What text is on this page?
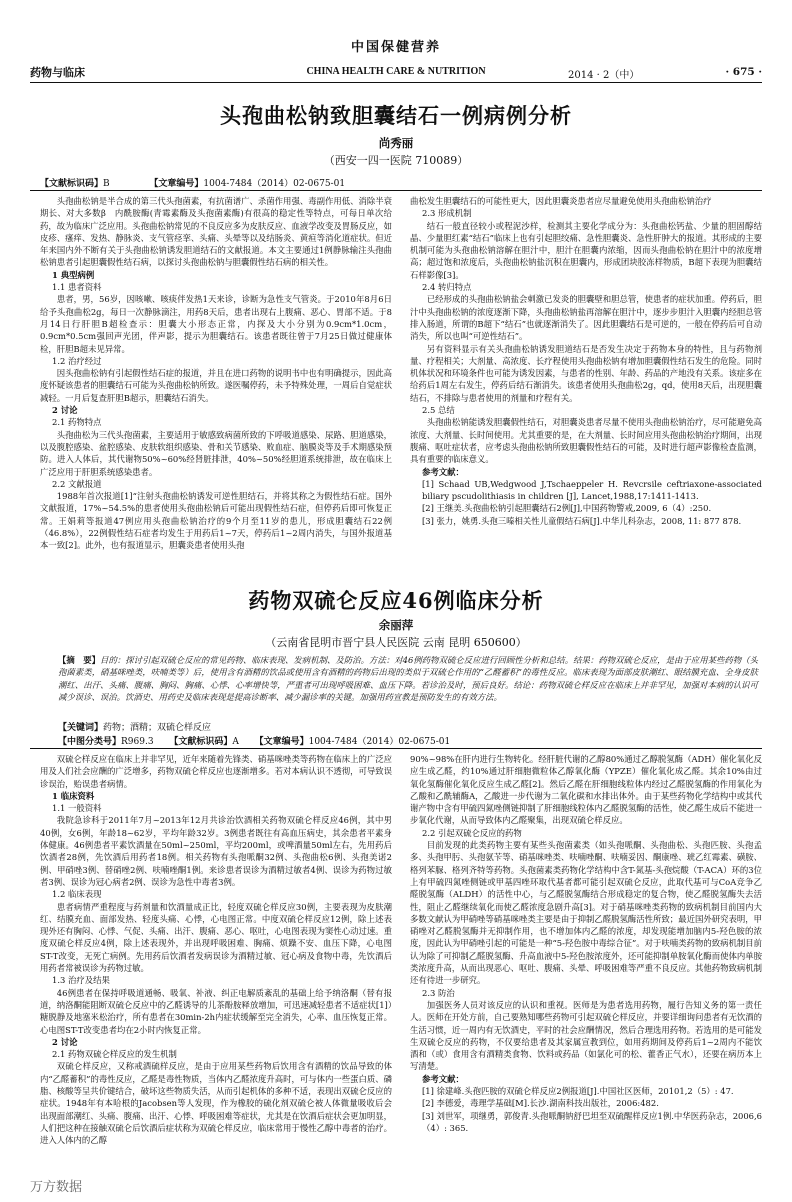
中国保健营养
药物与临床	CHINA HEALTH CARE & NUTRITION	2014 · 2（中）	· 675 ·
头孢曲松钠致胆囊结石一例病例分析
尚秀丽
（西安一四一医院 710089）
【文献标识码】B	【文章编号】1004-7484（2014）02-0675-01

头孢曲松钠是半合成的第三代头孢菌素，有抗菌谱广、杀菌作用强、毒副作用低、消除半衰期长、对大多数β　内酰胺酶(青霉素酶及头孢菌素酶)有很高的稳定性等特点，可每日单次给药，故为临床广泛应用。头孢曲松钠常见的不良反应多为皮肤反应、血液学改变及胃肠反应，如皮疹、瘙痒、发热、静脉炎、支气管痉挛、头痛、头晕等以及结肠炎、黄疸等消化道症状。但近年来国内外不断有关于头孢曲松钠诱发胆道结石的文献报道。本文主要通过1例静脉输注头孢曲松钠患者引起胆囊假性结石病，以探讨头孢曲松钠与胆囊假性结石病的相关性。

1 典型病例

1.1 患者资料

患者，男，56岁，因咳嗽、咳痰伴发热1天来诊，诊断为急性支气管炎。于2010年8月6日给予头孢曲松2g，每日一次静脉滴注，用药8天后，患者出现右上腹痛、恶心、胃部不适。于8月14日行肝胆B超检查示：胆囊大小形态正常，内探及大小分别为0.9cm*1.0cm，0.9cm*0.5cm强回声光团，伴声影，提示为胆囊结石。该患者既往曾于7月25日做过健康体检，肝胆B超未见异常。

1.2 治疗经过

因头孢曲松钠有引起假性结石症的报道，并且在进口药物的说明书中也有明确提示，因此高度怀疑该患者的胆囊结石可能为头孢曲松钠所致。遂医嘱停药，未予特殊处理，一周后自觉症状减轻。一月后复查肝胆B超示，胆囊结石消失。

2 讨论

2.1 药物特点

头孢曲松为三代头孢菌素，主要适用于敏感致病菌所致的下呼吸道感染、尿路、胆道感染，以及腹腔感染、盆腔感染、皮肤软组织感染、骨和关节感染、败血症、脑膜炎等及手术期感染预防。进入人体后，其代谢物50%~60%经肾脏排泄，40%~50%经胆道系统排泄，故在临床上广泛应用于肝胆系统感染患者。

2.2 文献报道

1988年首次报道[1]“注射头孢曲松钠诱发可逆性胆结石，并将其称之为假性结石症。国外文献报道，17%~54.5%的患者使用头孢曲松钠后可能出现假性结石症，但停药后即可恢复正常。王娟莉等报道47例应用头孢曲松钠治疗的9个月至11岁的患儿，形成胆囊结石22例（46.8%），22例假性结石症者均发生于用药后1~7天，停药后1~2周内消失，与国外报道基本一致[2]。此外，也有报道显示，胆囊炎患者使用头孢

曲松发生胆囊结石的可能性更大，因此胆囊炎患者应尽量避免使用头孢曲松钠治疗

2.3 形成机制

结石一般直径较小或程泥沙样，检测其主要化学成分为：头孢曲松钙盐、少量的胆固醇结晶、少量胆红素“结石”临床上也有引起胆绞痛、急性胆囊炎、急性肝肿大的报道。其形成的主要机制可能为头孢曲松钠溶解在胆汁中，胆汁在胆囊内浓缩，因而头孢曲松钠在胆汁中的浓度增高；超过饱和浓度后，头孢曲松钠盐沉积在胆囊内，形成团块胶冻样物质，B超下表现为胆囊结石样影像[3]。

2.4 转归特点

已经形成的头孢曲松钠盐会刺激已发炎的胆囊壁和胆总管，使患者的症状加重。停药后，胆汁中头孢曲松钠的浓度逐渐下降，头孢曲松钠盐再溶解在胆汁中，逐步步胆汁入胆囊内经胆总管排入肠道，所谓的B超下“结石”也就逐渐消失了。因此胆囊结石是可逆的，一般在停药后可自动消失，所以也叫“可逆性结石”。

另有资料显示有关头孢曲松钠诱发胆道结石是否发生决定于药物本身的特性，且与药物剂量、疗程相关；大剂量、高浓度、长疗程使用头孢曲松钠有增加胆囊假性结石发生的危险。同时机体状况和环境条件也可能为诱发因素，与患者的性别、年龄、药品的产地没有关系。该症多在给药后1周左右发生，停药后结石渐消失。该患者使用头孢曲松2g，qd，使用8天后，出现胆囊结石，不排除与患者使用的剂量和疗程有关。

2.5 总结

头孢曲松钠能诱发胆囊假性结石，对胆囊炎患者尽量不使用头孢曲松钠治疗，尽可能避免高浓度、大剂量、长时间使用。尤其重要的是，在大剂量、长时间应用头孢曲松钠治疗期间，出现腹痛、呕吐症状者，应考虑头孢曲松钠所致胆囊假性结石的可能，及时进行超声影像检查监测，具有重要的临床意义。

参考文献：

[1] Schaad UB,Wedgwood J,Tschaeppeler H. Revcrsile ceftriaxone-associated biliary pscudolithiasis in children [J], Lancet,1988,17:1411-1413.

[2] 王继美.头孢曲松钠引起胆囊结石2例[J],中国药物警戒,2009, 6（4）:250.

[3] 张力，姚勇.头孢三嗪相关性儿童假结石病[J].中华儿科杂志，2008, 11: 877 878.

药物双硫仑反应46例临床分析
余丽萍
（云南省昆明市晋宁县人民医院 云南 昆明 650600）
【摘　要】目的：探讨引起双硫仑反应的常见药物、临床表现、发病机制、及防治。方法：对46例药物双硫仑反应进行回顾性分析和总结。结果：药物双硫仑反应，是由于应用某些药物（头孢菌素类，硝基咪唑类，呋喃类等）后，使用含有酒精的饮品或使用含有酒精的药物后出现的类似于双硫仑作用的“乙醛蓄积”的毒性反应。临床表现为面部皮肤潮红、眼结膜充血、全身皮肤潮红、出汗、头痛、腹痛、胸闷、胸痛、心悸、心率增快等，严重者可出现呼吸困难、血压下降。若诊治及时，预后良好。结论：药物双硫仑样反应在临床上并非罕见，加强对本病的认识可减少误诊、误治。饮酒史、用药史及临床表现是提高诊断率、减少漏诊率的关键。加强用药宣教是预防发生的有效方法。
【关键词】药物；酒精；双硫仑样反应
【中图分类号】R969.3 【文献标识码】A 【文章编号】1004-7484（2014）02-0675-01

双硫仑样反应在临床上并非罕见，近年来随着先锋类、硝基咪唑类等药物在临床上的广泛应用及人们社会应酬的广泛增多，药物双硫仑样反应也逐渐增多。若对本病认识不透彻，可导致误诊误治，贻误患者病情。

1 临床资料

1.1 一般资料

我院急诊科于2011年7月~2013年12月共诊治饮酒相关药物双硫仑样反应46例，其中男40例，女6例，年龄18~62岁，平均年龄32岁。3例患者既往有高血压病史，其余患者平素身体健康。46例患者平素饮酒量在50ml~250ml，平均200ml，或啤酒量50ml左右，先用药后饮酒者28例，先饮酒后用药者18例。相关药物有头孢哌酮32例、头孢曲松6例、头孢美诺2例、甲硝唑3例、替硝唑2例、呋喃唑酮1例。来诊患者误诊为酒精过敏者4例、误诊为药物过敏者3例、误诊为冠心病者2例、误诊为急性中毒者3例。

1.2 临床表现

患者病情严重程度与药剂量和饮酒量成正比，轻度双硫仑样反应30例，主要表现为皮肤潮红、结膜充血、面部发热、轻度头痛、心悸，心电图正常。中度双硫仑样反应12例，除上述表现外还有胸闷、心悸、气促、头痛、出汗、腹痛、恶心、呕吐，心电图表现为窦性心动过速。重度双硫仑样反应4例，除上述表现外，并出现呼吸困难、胸痛、烦躁不安、血压下降，心电图ST-T改变，无死亡病例。先用药后饮酒者发病误诊为酒精过敏、冠心病及食物中毒，先饮酒后用药者常被误诊为药物过敏。

1.3 治疗及结果

46例患者在保持呼吸道通畅、吸氧、补液、纠正电解质紊乱的基础上给予纳洛酮（替有报道，纳洛酮能阻断双硫仑反应中的乙醛诱导的儿茶酚胺释放增加，可迅速减轻患者不适症状[1]）糖脱静及地塞米松治疗，所有患者在30min-2h内症状缓解至完全消失，心率、血压恢复正常。心电图ST-T改变患者均在2小时内恢复正常。

2 讨论

2.1 药物双硫仑样反应的发生机制

双硫仑样反应，又称戒酒硫样反应，是由于应用某些药物后饮用含有酒精的饮品导致的体内“乙醛蓄积”的毒性反应，乙醛是毒性物质，当体内乙醛浓度升高时，可与体内一些蛋白质、磷脂、核酸等呈共价键结合，破坏这些物质失活，从而引起机体的多种不适，表现出双硫仑反应的症状。1948年有本哈根的Jacobsen等人发现，作为橡胶的硫化剂双硫仑被人体微量吸收后会出现面部潮红、头痛、腹痛、出汗、心悸、呼吸困难等症状，尤其是在饮酒后症状会更加明显，人们把这种在接触双硫仑后饮酒后症状称为双硫仑样反应，临床常用于慢性乙醇中毒者的治疗。进入人体内的乙醇

90%~98%在肝内进行生物转化。经肝脏代谢的乙醇80%通过乙醇脱氢酶（ADH）催化氧化反应生成乙醛，约10%通过肝细胞微粒体乙醇氧化酶（YPZE）催化氧化成乙醛。其余10%由过氧化氢酶催化氧化反应生成乙醛[2]。然后乙醛在肝细胞线粒体内经过乙醛脱氢酶的作用氧化为乙酸和乙酰辅酶A，乙酸进一步代谢为二氧化碳和水排出体外。由于某些药物化学结构中或其代谢产物中含有甲硫四氮唑侧链抑制了肝细胞线粒体内乙醛脱氢酶的活性，使乙醛生成后不能进一步氧化代谢，从而导致体内乙醛聚集，出现双硫仑样反应。

2.2 引起双硫仑反应的药物

目前发现的此类药物主要有某些头孢菌素类（如头孢哌酮、头孢曲松、头孢匹胺、头孢孟多、头孢甲肟、头孢氨苄等、硝基咪唑类、呋喃唑酮、呋喃妥因、酮康唑、琥乙红霉素、磺胺、格列苯脲、格列齐特等药物。头孢菌素类药物化学结构中含T-氮基-头孢烷酸（T-ACA）环的3位上有甲硫四氮唑侧链或甲基四唑环取代基者都可能引起双硫仑反应，此取代基可与CoA竞争乙醛脱氢酶（ALDH）的活性中心，与乙醛脱氢酶结合形成稳定的复合物，使乙醛脱氢酶失去活性，阻止乙醛继续氧化而使乙醛浓度急剧升高[3]。对于硝基咪唑类药物的致病机制目前国内大多数文献认为甲硝唑等硝基咪唑类主要是由于抑制乙醛脱氢酶活性所致；最近国外研究表明，甲硝唑对乙醛脱氢酶并无抑制作用，也不增加体内乙醛的浓度，却发现能增加脑内5-羟色胺的浓度，因此认为甲硝唑引起的可能是一种“5-羟色胺中毒综合征”。对于呋喃类药物的致病机制目前认为除了可抑制乙醛脱氢酶、升高血液中5-羟色胺浓度外，还可能抑制单胺氧化酶而使体内单胺类浓度升高，从而出现恶心、呕吐、腹痛、头晕、呼吸困难等严重不良反应。其他药物致病机制还有待进一步研究。

2.3 防治

加强医务人员对该反应的认识和重视。医师是为患者选用药物，履行告知义务的第一责任人。医师在开处方前，自己要熟知哪些药物可引起双硫仑样反应，并要详细询问患者有无饮酒的生活习惯，近一周内有无饮酒史，平时的社会应酬情况，然后合理选用药物。若选用的是可能发生双硫仑反应的药物，不仅要给患者及其家属宣教到位，如用药期间及停药后1~2周内不能饮酒和（或）食用含有酒精类食物、饮料或药品（如氯化可的松、藿香正气水），还要在病历本上写清楚。

参考文献：

[1] 徐建峰.头孢匹胺的双硫仑样反应2例报道[J].中国社区医师，20101,2（5）: 47.

[2] 李德爱，毒理学基础[M].长沙.湖南科技出版社，2006:482.

[3] 刘世军，项继勇，郭俊青.头孢哌酮钠舒巴坦至双硫醒样反应1例.中华医药杂志，2006,6（4）: 365.

万方数据
